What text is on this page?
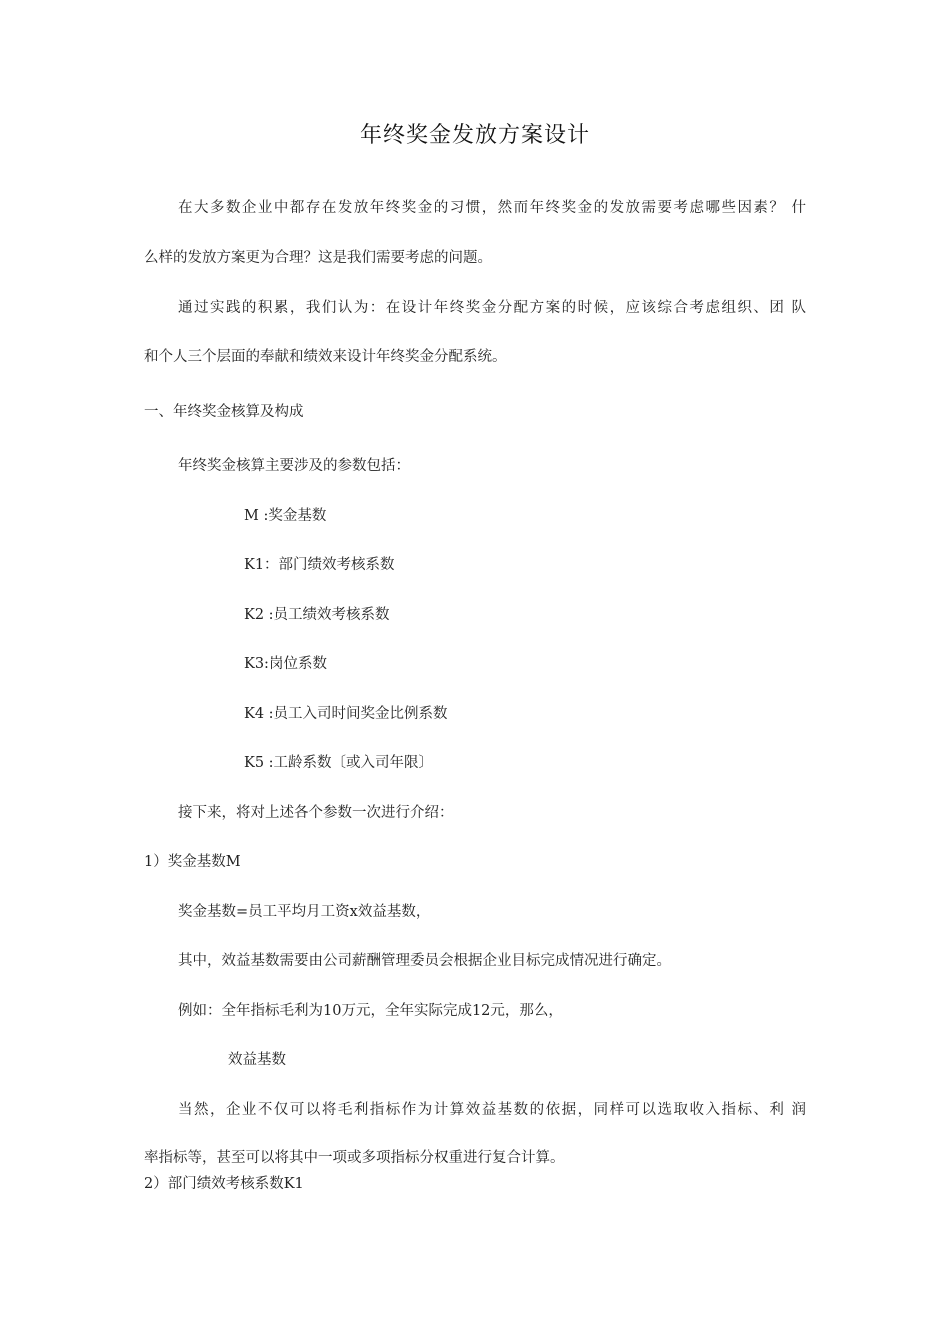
年终奖金发放方案设计
在大多数企业中都存在发放年终奖金的习惯，然而年终奖金的发放需要考虑哪些因素？ 什
么样的发放方案更为合理？这是我们需要考虑的问题。
通过实践的积累，我们认为：在设计年终奖金分配方案的时候，应该综合考虑组织、团 队
和个人三个层面的奉献和绩效来设计年终奖金分配系统。
一、年终奖金核算及构成
年终奖金核算主要涉及的参数包括：
M :奖金基数
K1：部门绩效考核系数
K2 :员工绩效考核系数
K3:岗位系数
K4 :员工入司时间奖金比例系数
K5 :工龄系数〔或入司年限〕
接下来，将对上述各个参数一次进行介绍：
1）奖金基数M
奖金基数=员工平均月工资x效益基数，
其中，效益基数需要由公司薪酬管理委员会根据企业目标完成情况进行确定。
例如：全年指标毛利为10万元，全年实际完成12元，那么，
效益基数
当然，企业不仅可以将毛利指标作为计算效益基数的依据，同样可以选取收入指标、利 润
率指标等，甚至可以将其中一项或多项指标分权重进行复合计算。
2）部门绩效考核系数K1
